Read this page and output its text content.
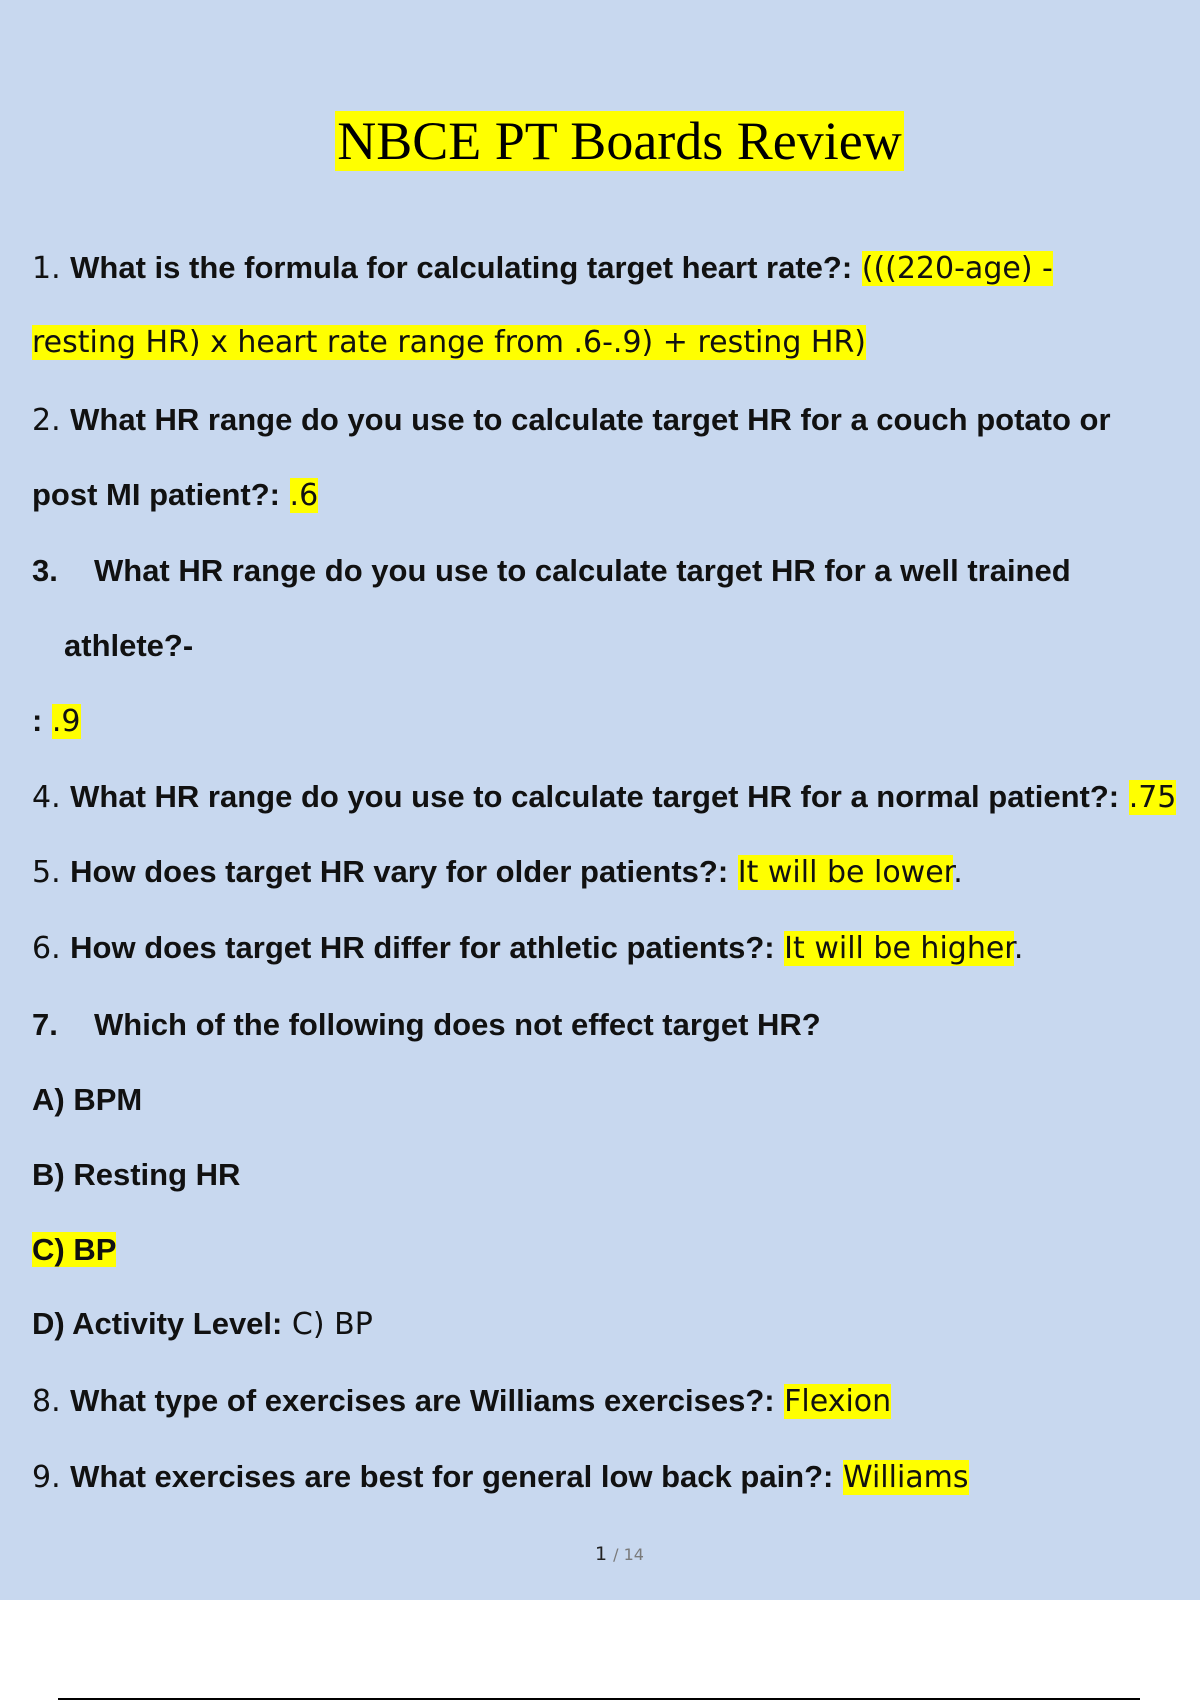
NBCE PT Boards Review
1. What is the formula for calculating target heart rate?: (((220-age) -
resting HR) x heart rate range from .6-.9) + resting HR)
2. What HR range do you use to calculate target HR for a couch potato or
post MI patient?: .6
3. What HR range do you use to calculate target HR for a well trained
athlete?-
: .9
4. What HR range do you use to calculate target HR for a normal patient?: .75
5. How does target HR vary for older patients?: It will be lower.
6. How does target HR differ for athletic patients?: It will be higher.
7. Which of the following does not effect target HR?
A) BPM
B) Resting HR
C) BP
D) Activity Level: C) BP
8. What type of exercises are Williams exercises?: Flexion
9. What exercises are best for general low back pain?: Williams
1 / 14
